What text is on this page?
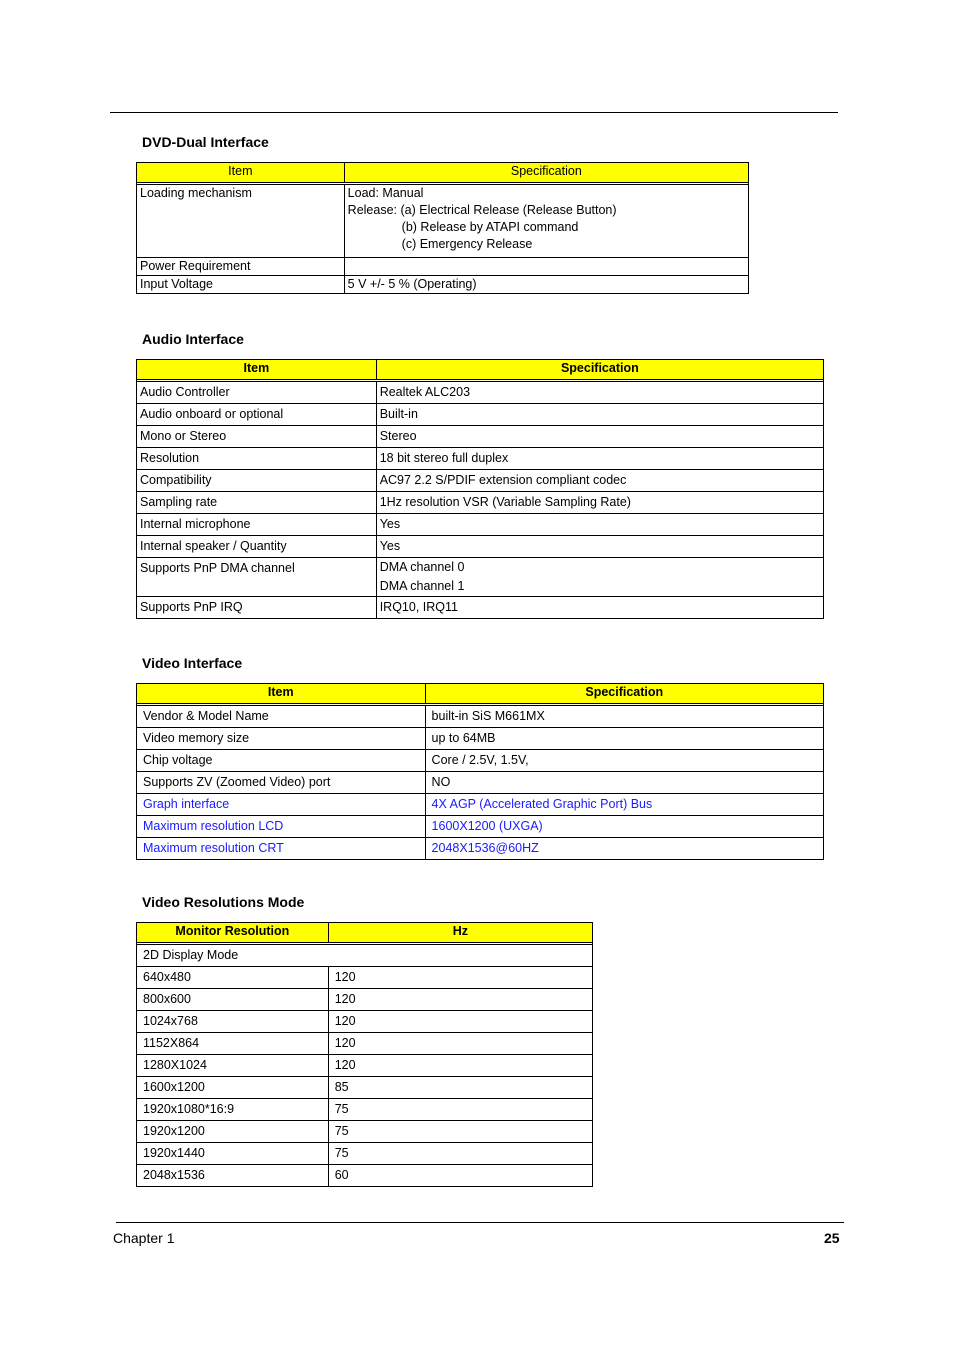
DVD-Dual Interface
Item	Specification

Loading mechanism	Load: Manual
Release: (a) Electrical Release (Release Button)
(b) Release by ATAPI command
(c) Emergency Release

Power Requirement	

Input Voltage	5 V +/- 5 % (Operating)
Audio Interface
Item	Specification

Audio Controller	Realtek ALC203

Audio onboard or optional	Built-in

Mono or Stereo	Stereo

Resolution	18 bit stereo full duplex

Compatibility	AC97 2.2 S/PDIF extension compliant codec

Sampling rate	1Hz resolution VSR (Variable Sampling Rate)

Internal microphone	Yes

Internal speaker / Quantity	Yes

Supports PnP DMA channel	DMA channel 0
DMA channel 1

Supports PnP IRQ	IRQ10, IRQ11
Video Interface
Item	Specification

Vendor & Model Name	built-in SiS M661MX
Video memory size	up to 64MB
Chip voltage	Core / 2.5V, 1.5V,
Supports ZV (Zoomed Video) port	NO
Graph interface	4X AGP (Accelerated Graphic Port) Bus
Maximum resolution LCD	1600X1200 (UXGA)
Maximum resolution CRT	2048X1536@60HZ
Video Resolutions Mode
Monitor Resolution	Hz

2D Display Mode	
640x480	120
800x600	120
1024x768	120
1152X864	120
1280X1024	120
1600x1200	85
1920x1080*16:9	75
1920x1200	75
1920x1440	75
2048x1536	60
Chapter 1	25
